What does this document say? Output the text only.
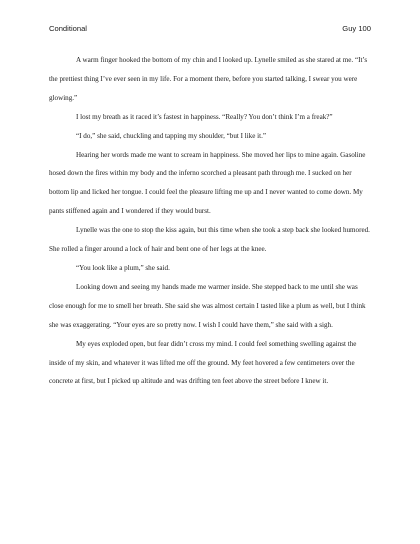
Conditional	Guy 100

A warm finger hooked the bottom of my chin and I looked up. Lynelle smiled as she stared at me. “It’s the prettiest thing I’ve ever seen in my life. For a moment there, before you started talking, I swear you were glowing.”

I lost my breath as it raced it’s fastest in happiness. “Really? You don’t think I’m a freak?”

“I do,” she said, chuckling and tapping my shoulder, “but I like it.”

Hearing her words made me want to scream in happiness. She moved her lips to mine again. Gasoline hosed down the fires within my body and the inferno scorched a pleasant path through me. I sucked on her bottom lip and licked her tongue. I could feel the pleasure lifting me up and I never wanted to come down. My pants stiffened again and I wondered if they would burst.

Lynelle was the one to stop the kiss again, but this time when she took a step back she looked humored. She rolled a finger around a lock of hair and bent one of her legs at the knee.

“You look like a plum,” she said.

Looking down and seeing my hands made me warmer inside. She stepped back to me until she was close enough for me to smell her breath. She said she was almost certain I tasted like a plum as well, but I think she was exaggerating. “Your eyes are so pretty now. I wish I could have them,” she said with a sigh.

My eyes exploded open, but fear didn’t cross my mind. I could feel something swelling against the inside of my skin, and whatever it was lifted me off the ground. My feet hovered a few centimeters over the concrete at first, but I picked up altitude and was drifting ten feet above the street before I knew it.
